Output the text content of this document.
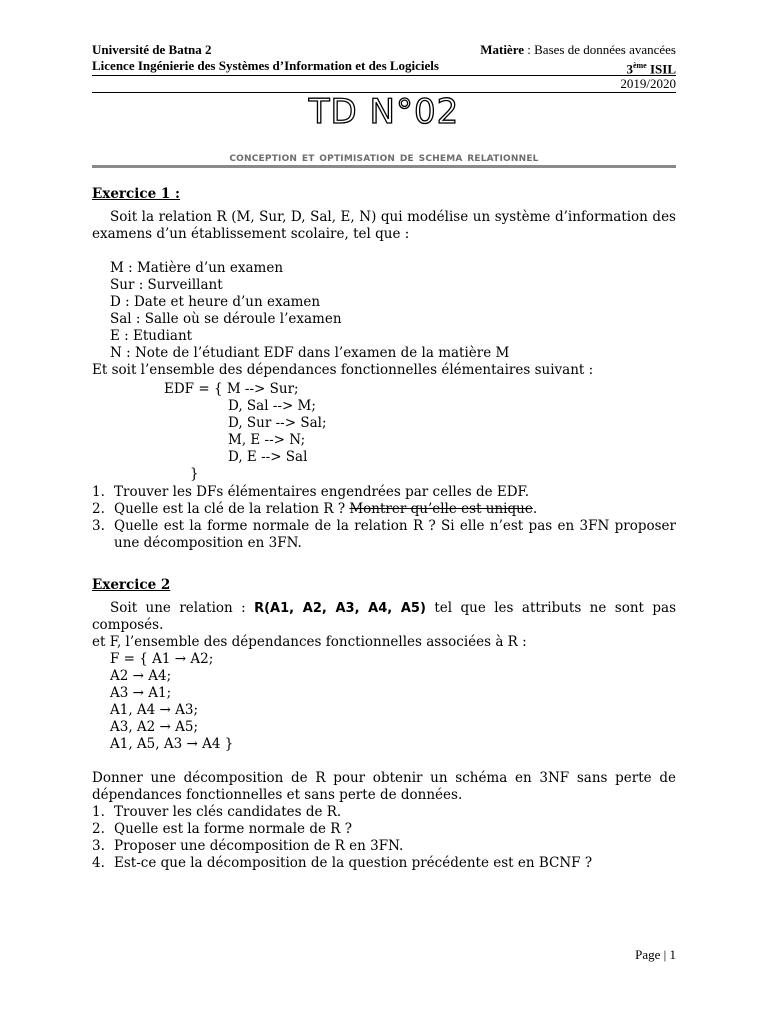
Université de Batna 2	Matière : Bases de données avancées
Licence Ingénierie des Systèmes d’Information et des Logiciels	3ème ISIL
2019/2020
TD N°02
conception et optimisation de schema relationnel

Exercice 1 :

Soit la relation R (M, Sur, D, Sal, E, N) qui modélise un système d’information des examens d’un établissement scolaire, tel que :

M : Matière d’un examen

Sur : Surveillant

D : Date et heure d’un examen

Sal : Salle où se déroule l’examen

E : Etudiant

N : Note de l’étudiant EDF dans l’examen de la matière M

Et soit l’ensemble des dépendances fonctionnelles élémentaires suivant :

EDF = { M --> Sur;
D, Sal --> M;
D, Sur --> Sal;
M, E --> N;
D, E --> Sal
}
1. Trouver les DFs élémentaires engendrées par celles de EDF.
2. Quelle est la clé de la relation R ? Montrer qu’elle est unique.
3. Quelle est la forme normale de la relation R ? Si elle n’est pas en 3FN proposer une décomposition en 3FN.

Exercice 2

Soit une relation : R(A1, A2, A3, A4, A5) tel que les attributs ne sont pas composés.

et F, l’ensemble des dépendances fonctionnelles associées à R :

F = { A1 → A2;

A2 → A4;

A3 → A1;

A1, A4 → A3;

A3, A2 → A5;

A1, A5, A3 → A4 }

Donner une décomposition de R pour obtenir un schéma en 3NF sans perte de dépendances fonctionnelles et sans perte de données.

1. Trouver les clés candidates de R.
2. Quelle est la forme normale de R ?
3. Proposer une décomposition de R en 3FN.
4. Est-ce que la décomposition de la question précédente est en BCNF ?
Page | 1
